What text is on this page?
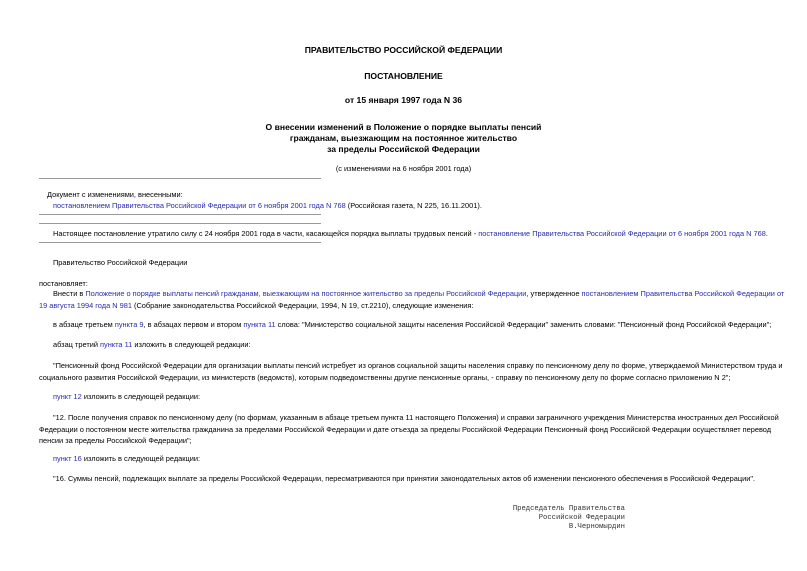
ПРАВИТЕЛЬСТВО РОССИЙСКОЙ ФЕДЕРАЦИИ
ПОСТАНОВЛЕНИЕ
от 15 января 1997 года N 36
О внесении изменений в Положение о порядке выплаты пенсий
гражданам, выезжающим на постоянное жительство
за пределы Российской Федерации
(с изменениями на 6 ноября 2001 года)
Документ с изменениями, внесенными:
постановлением Правительства Российской Федерации от 6 ноября 2001 года N 768 (Российская газета, N 225, 16.11.2001).
Настоящее постановление утратило силу с 24 ноября 2001 года в части, касающейся порядка выплаты трудовых пенсий - постановление Правительства Российской Федерации от 6 ноября 2001 года N 768.
Правительство Российской Федерации
постановляет:
Внести в Положение о порядке выплаты пенсий гражданам, выезжающим на постоянное жительство за пределы Российской Федерации, утвержденное постановлением Правительства Российской Федерации от
19 августа 1994 года N 981 (Собрание законодательства Российской Федерации, 1994, N 19, ст.2210), следующие изменения:
в абзаце третьем пункта 9, в абзацах первом и втором пункта 11 слова: "Министерство социальной защиты населения Российской Федерации" заменить словами: "Пенсионный фонд Российской Федерации";
абзац третий пункта 11 изложить в следующей редакции:
"Пенсионный фонд Российской Федерации для организации выплаты пенсий истребует из органов социальной защиты населения справку по пенсионному делу по форме, утверждаемой Министерством труда и
социального развития Российской Федерации, из министерств (ведомств), которым подведомственны другие пенсионные органы, - справку по пенсионному делу по форме согласно приложению N 2";
пункт 12 изложить в следующей редакции:
"12. После получения справок по пенсионному делу (по формам, указанным в абзаце третьем пункта 11 настоящего Положения) и справки заграничного учреждения Министерства иностранных дел Российской
Федерации о постоянном месте жительства гражданина за пределами Российской Федерации и дате отъезда за пределы Российской Федерации Пенсионный фонд Российской Федерации осуществляет перевод
пенсии за пределы Российской Федерации";
пункт 16 изложить в следующей редакции:
"16. Суммы пенсий, подлежащих выплате за пределы Российской Федерации, пересматриваются при принятии законодательных актов об изменении пенсионного обеспечения в Российской Федерации".
Председатель Правительства
Российской Федерации
В.Черномырдин
